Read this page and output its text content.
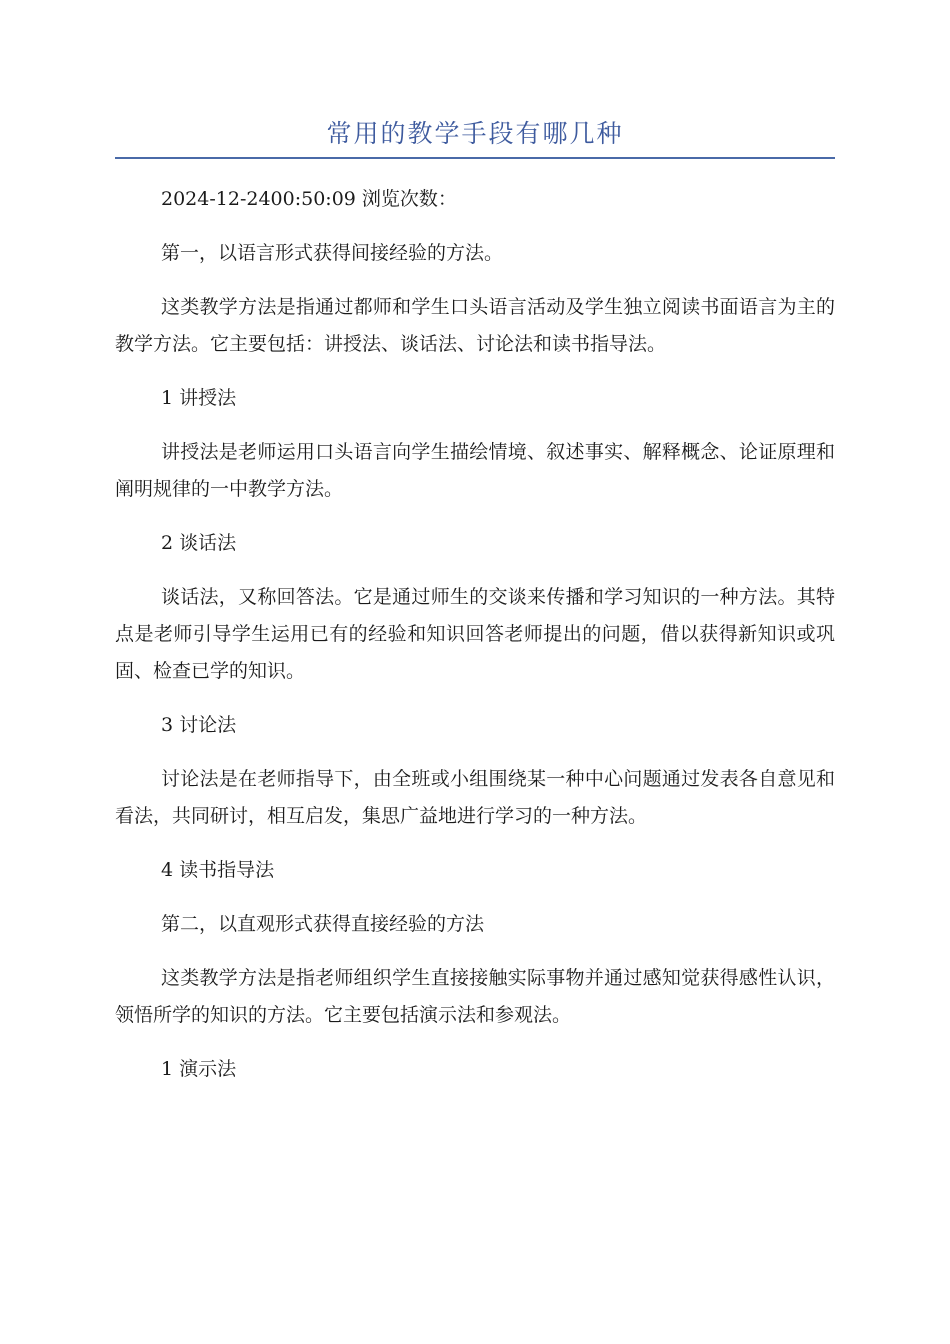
常用的教学手段有哪几种

2024-12-2400:50:09 浏览次数：

第一，以语言形式获得间接经验的方法。

这类教学方法是指通过都师和学生口头语言活动及学生独立阅读书面语言为主的教学方法。它主要包括：讲授法、谈话法、讨论法和读书指导法。

1 讲授法

讲授法是老师运用口头语言向学生描绘情境、叙述事实、解释概念、论证原理和阐明规律的一中教学方法。

2 谈话法

谈话法，又称回答法。它是通过师生的交谈来传播和学习知识的一种方法。其特点是老师引导学生运用已有的经验和知识回答老师提出的问题，借以获得新知识或巩固、检查已学的知识。

3 讨论法

讨论法是在老师指导下，由全班或小组围绕某一种中心问题通过发表各自意见和看法，共同研讨，相互启发，集思广益地进行学习的一种方法。

4 读书指导法

第二，以直观形式获得直接经验的方法

这类教学方法是指老师组织学生直接接触实际事物并通过感知觉获得感性认识，领悟所学的知识的方法。它主要包括演示法和参观法。

1 演示法
